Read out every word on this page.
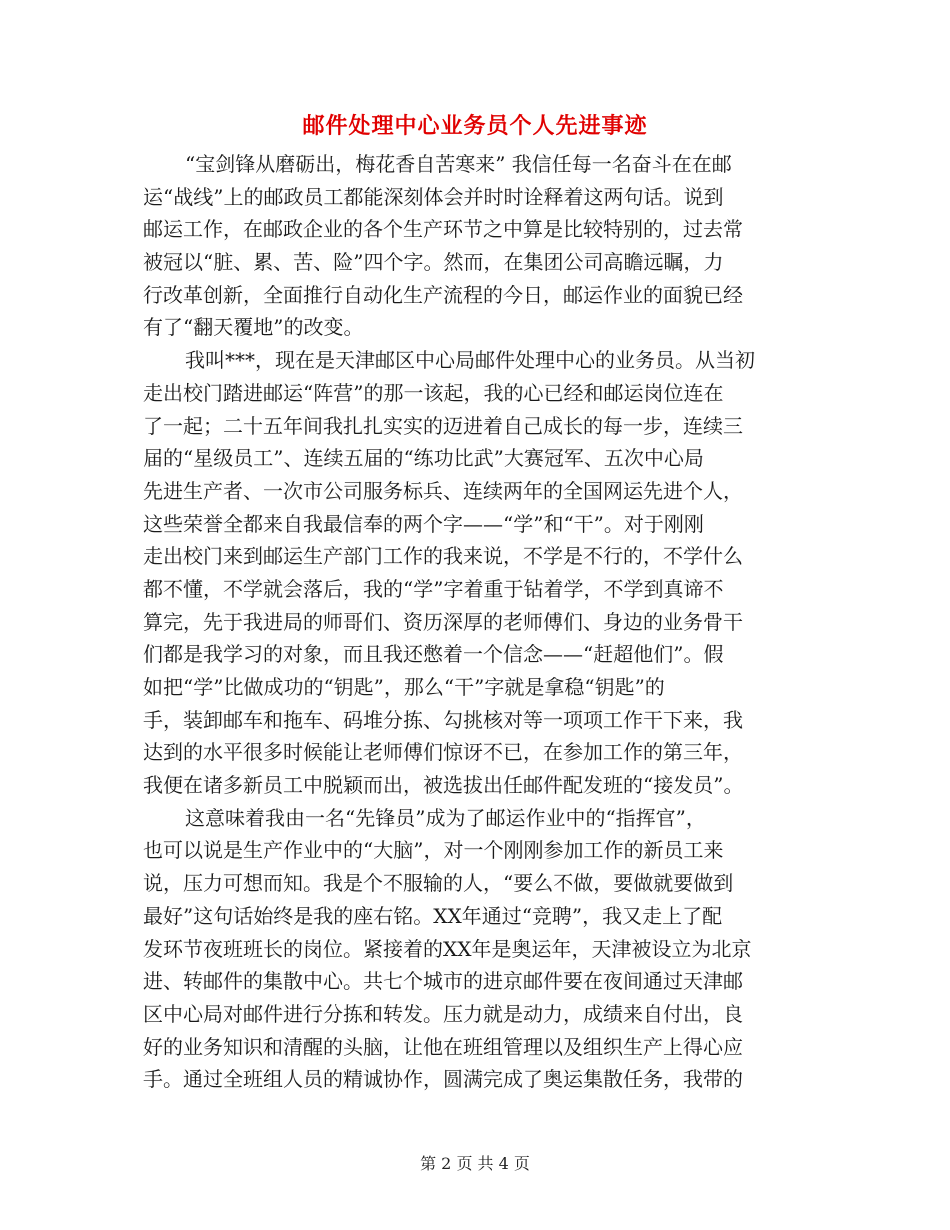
邮件处理中心业务员个人先进事迹
“宝剑锋从磨砺出，梅花香自苦寒来” 我信任每一名奋斗在在邮
运“战线”上的邮政员工都能深刻体会并时时诠释着这两句话。说到
邮运工作，在邮政企业的各个生产环节之中算是比较特别的，过去常
被冠以“脏、累、苦、险”四个字。然而，在集团公司高瞻远瞩，力
行改革创新，全面推行自动化生产流程的今日，邮运作业的面貌已经
有了“翻天覆地”的改变。
我叫***，现在是天津邮区中心局邮件处理中心的业务员。从当初
走出校门踏进邮运“阵营”的那一该起，我的心已经和邮运岗位连在
了一起；二十五年间我扎扎实实的迈进着自己成长的每一步，连续三
届的“星级员工”、连续五届的“练功比武”大赛冠军、五次中心局
先进生产者、一次市公司服务标兵、连续两年的全国网运先进个人，
这些荣誉全都来自我最信奉的两个字——“学”和“干”。对于刚刚
走出校门来到邮运生产部门工作的我来说，不学是不行的，不学什么
都不懂，不学就会落后，我的“学”字着重于钻着学，不学到真谛不
算完，先于我进局的师哥们、资历深厚的老师傅们、身边的业务骨干
们都是我学习的对象，而且我还憋着一个信念——“赶超他们”。假
如把“学”比做成功的“钥匙”，那么“干”字就是拿稳“钥匙”的
手，装卸邮车和拖车、码堆分拣、勾挑核对等一项项工作干下来，我
达到的水平很多时候能让老师傅们惊讶不已，在参加工作的第三年，
我便在诸多新员工中脱颖而出，被选拔出任邮件配发班的“接发员”。
这意味着我由一名“先锋员”成为了邮运作业中的“指挥官”，
也可以说是生产作业中的“大脑”，对一个刚刚参加工作的新员工来
说，压力可想而知。我是个不服输的人，“要么不做，要做就要做到
最好”这句话始终是我的座右铭。XX年通过“竞聘”，我又走上了配
发环节夜班班长的岗位。紧接着的XX年是奥运年，天津被设立为北京
进、转邮件的集散中心。共七个城市的进京邮件要在夜间通过天津邮
区中心局对邮件进行分拣和转发。压力就是动力，成绩来自付出，良
好的业务知识和清醒的头脑，让他在班组管理以及组织生产上得心应
手。通过全班组人员的精诚协作，圆满完成了奥运集散任务，我带的
第 2 页 共 4 页
